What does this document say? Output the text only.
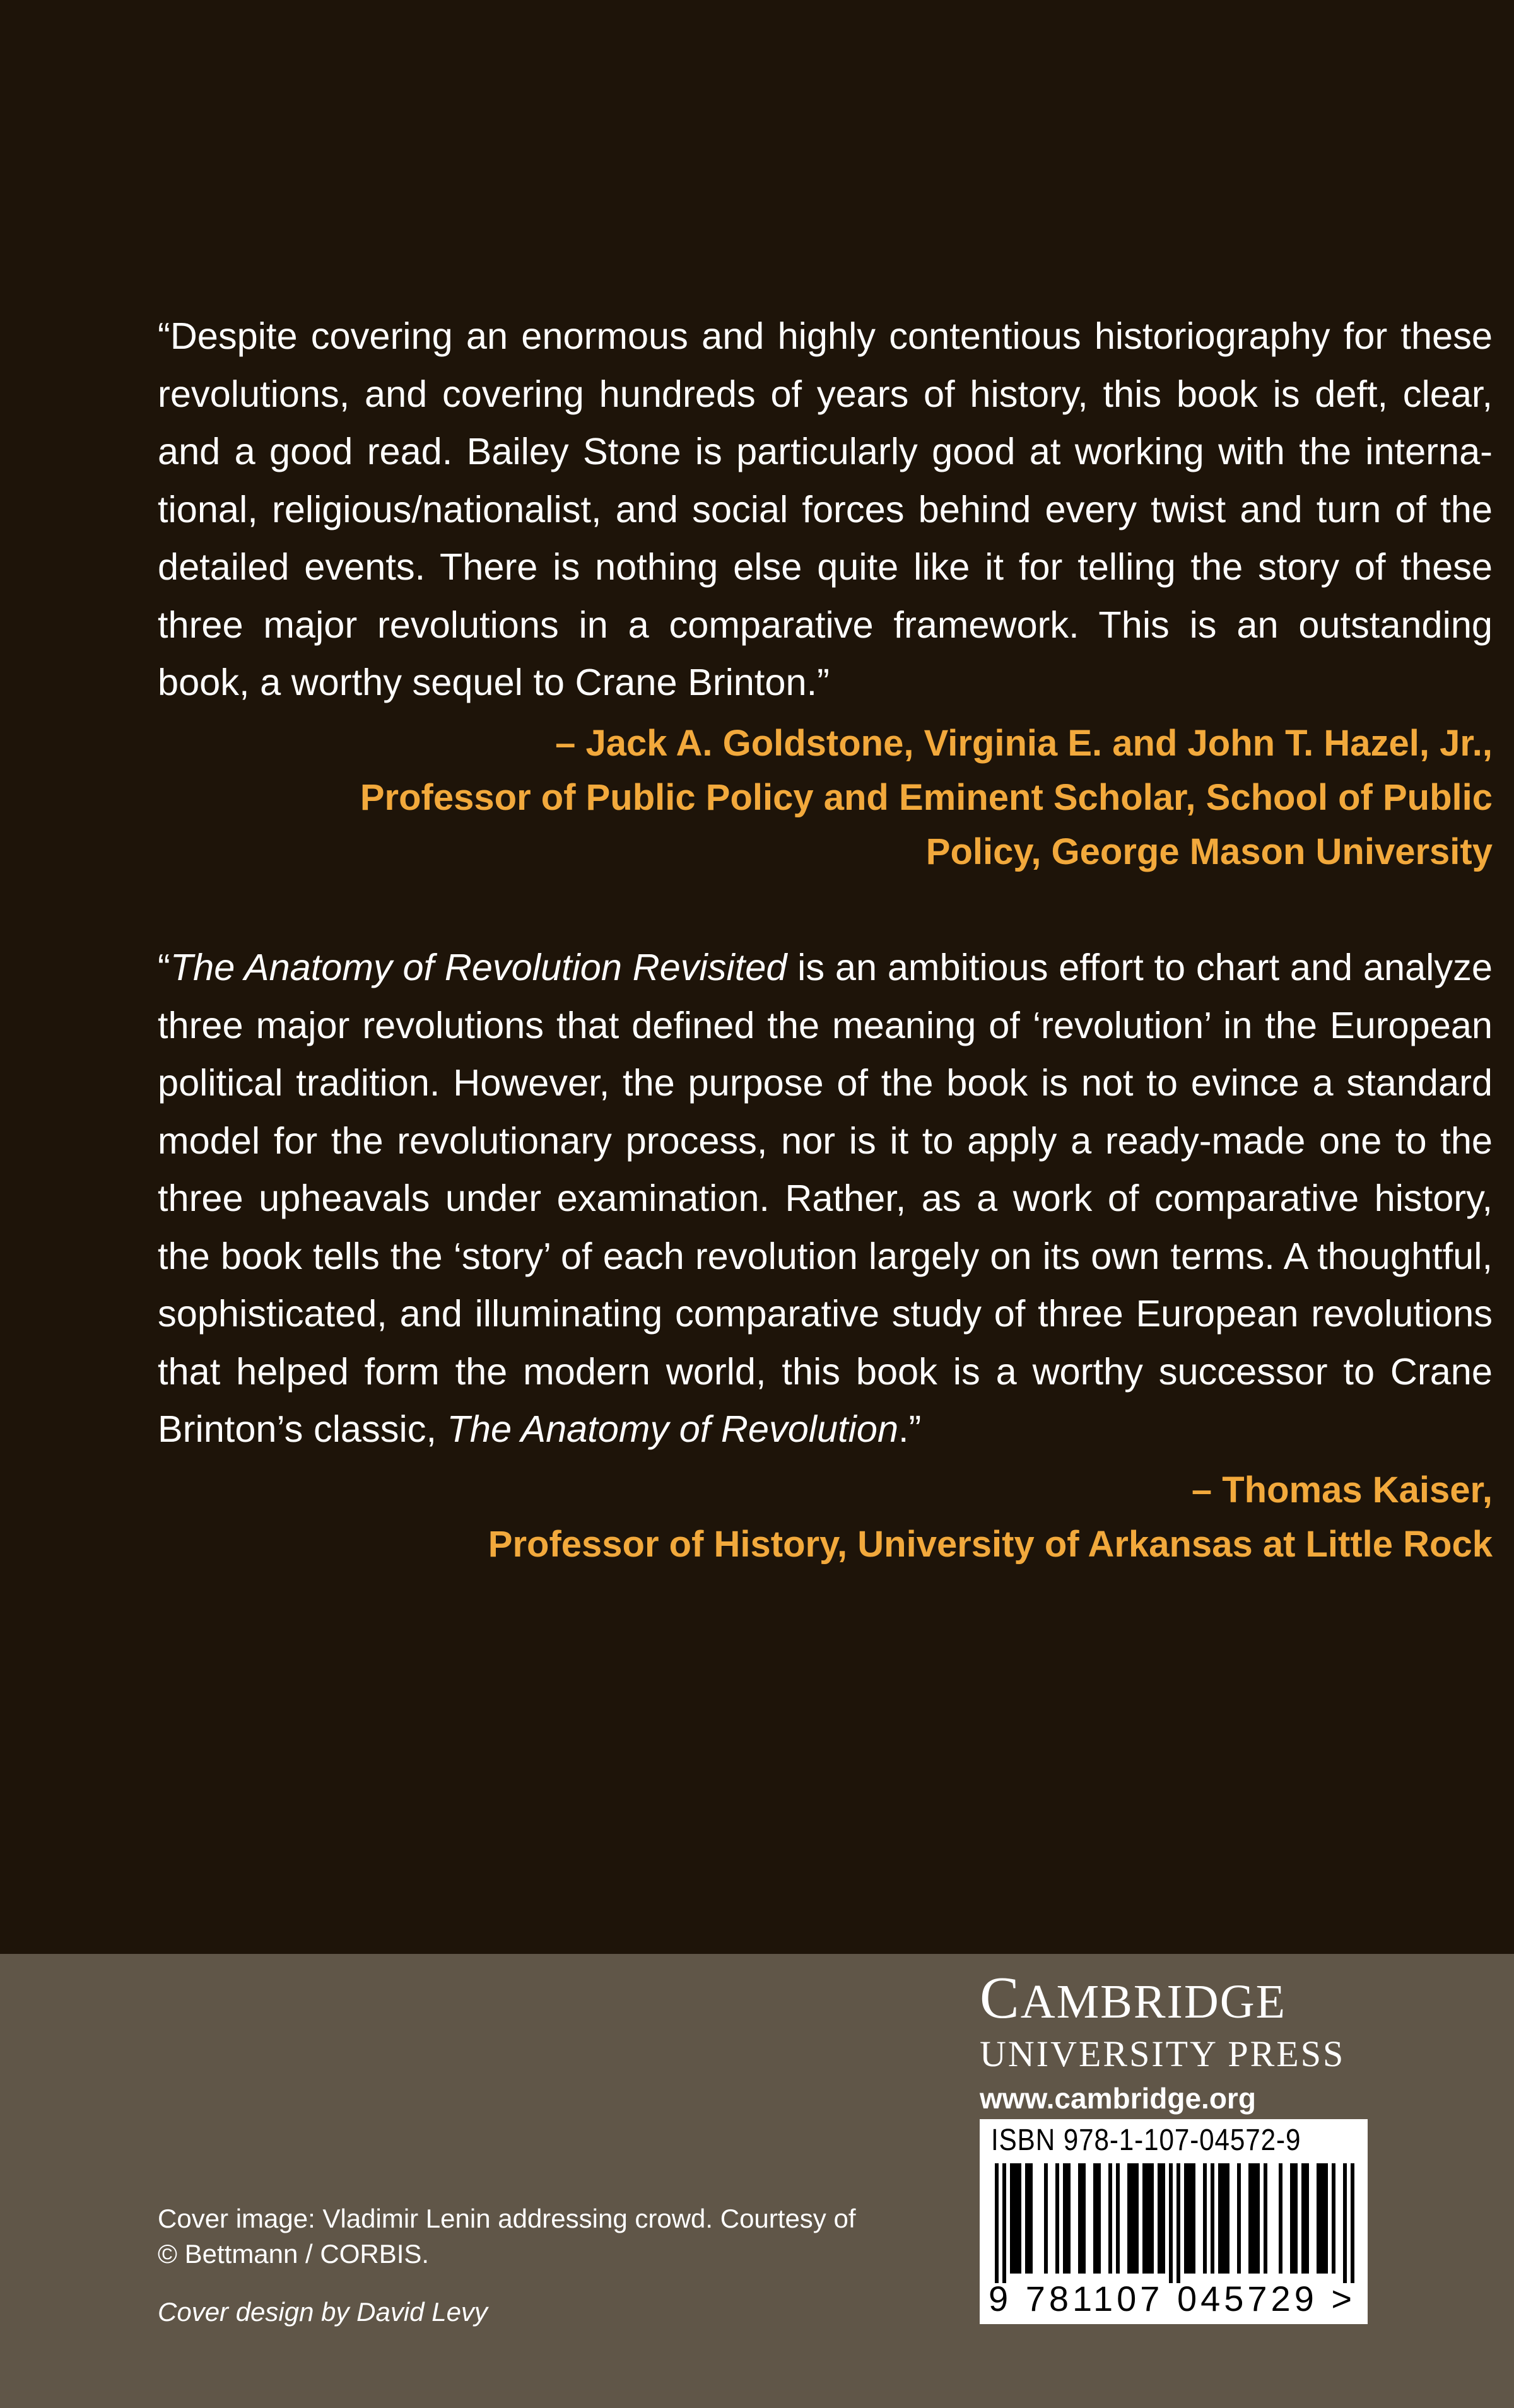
“Despite covering an enormous and highly contentious historiography for these revolutions, and covering hundreds of years of history, this book is deft, clear, and a good read. Bailey Stone is particularly good at working with the interna-tional, religious/nationalist, and social forces behind every twist and turn of the detailed events. There is nothing else quite like it for telling the story of these three major revolutions in a comparative framework. This is an outstanding book, a worthy sequel to Crane Brinton.”

– Jack A. Goldstone, Virginia E. and John T. Hazel, Jr.,
Professor of Public Policy and Eminent Scholar, School of Public
Policy, George Mason University

“The Anatomy of Revolution Revisited is an ambitious effort to chart and analyze three major revolutions that defined the meaning of ‘revolution’ in the European political tradition. However, the purpose of the book is not to evince a standard model for the revolutionary process, nor is it to apply a ready-made one to the three upheavals under examination. Rather, as a work of comparative history, the book tells the ‘story’ of each revolution largely on its own terms. A thoughtful, sophisticated, and illuminating comparative study of three European revolutions that helped form the modern world, this book is a worthy successor to Crane Brinton’s classic, The Anatomy of Revolution.”

– Thomas Kaiser,
Professor of History, University of Arkansas at Little Rock
Cover image: Vladimir Lenin addressing crowd. Courtesy of
© Bettmann / CORBIS.
Cover design by David Levy
CAMBRIDGE
UNIVERSITY PRESS
www.cambridge.org
ISBN 978-1-107-04572-9
9 781107 045729 >
